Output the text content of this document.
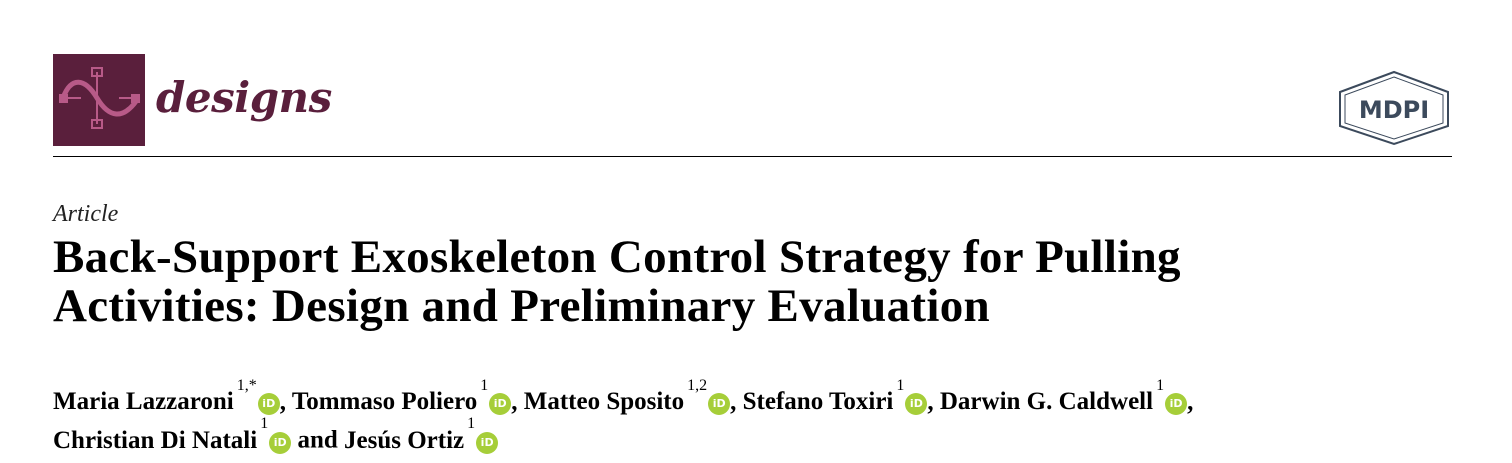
designs	MDPI
Article
Back-Support Exoskeleton Control Strategy for Pulling
Activities: Design and Preliminary Evaluation
Maria Lazzaroni$^{1,*}$iD , Tommaso Poliero$^1$iD , Matteo Sposito$^{1,2}$iD , Stefano Toxiri$^1$iD , Darwin G. Caldwell$^1$iD ,
Christian Di Natali$^1$iD and Jesús Ortiz$^1$iD
